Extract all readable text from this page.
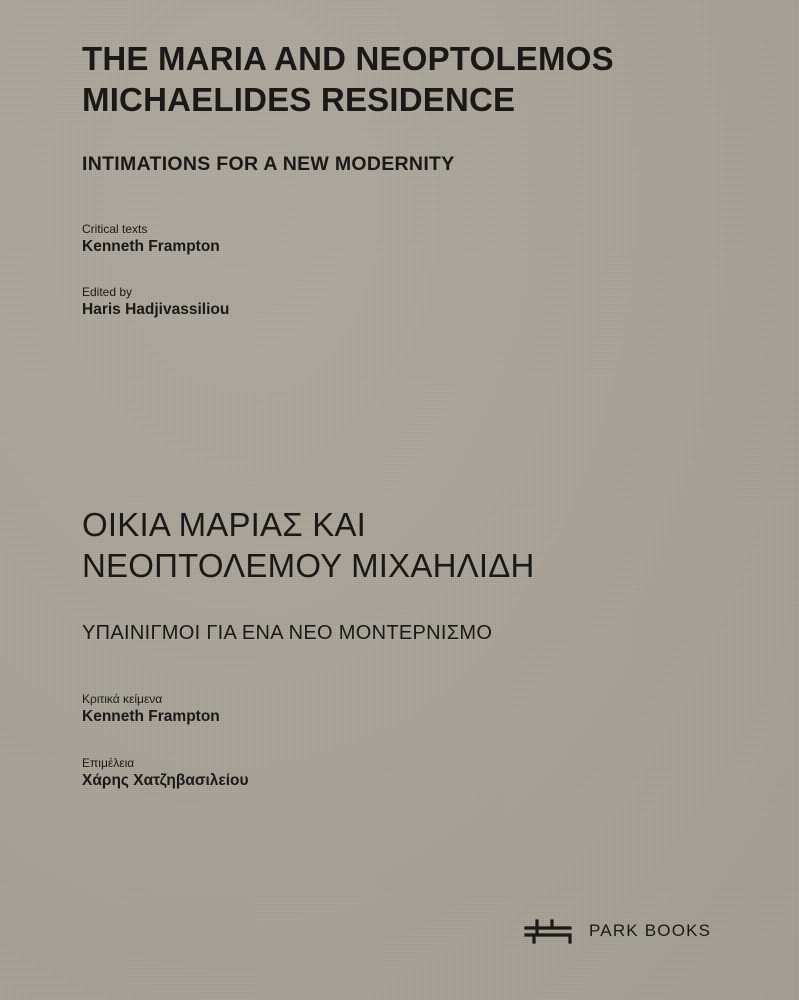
THE MARIA AND NEOPTOLEMOS
MICHAELIDES RESIDENCE

INTIMATIONS FOR A NEW MODERNITY

Critical texts

Kenneth Frampton

Edited by

Haris Hadjivassiliou

ΟΙΚΙΑ ΜΑΡΙΑΣ ΚΑΙ
ΝΕΟΠΤΟΛΕΜΟΥ ΜΙΧΑΗΛΙΔΗ

ΥΠΑΙΝΙΓΜΟΙ ΓΙΑ ΕΝΑ ΝΕΟ ΜΟΝΤΕΡΝΙΣΜΟ

Κριτικά κείμενα

Kenneth Frampton

Επιμέλεια

Χάρης Χατζηβασιλείου

PARK BOOKS
